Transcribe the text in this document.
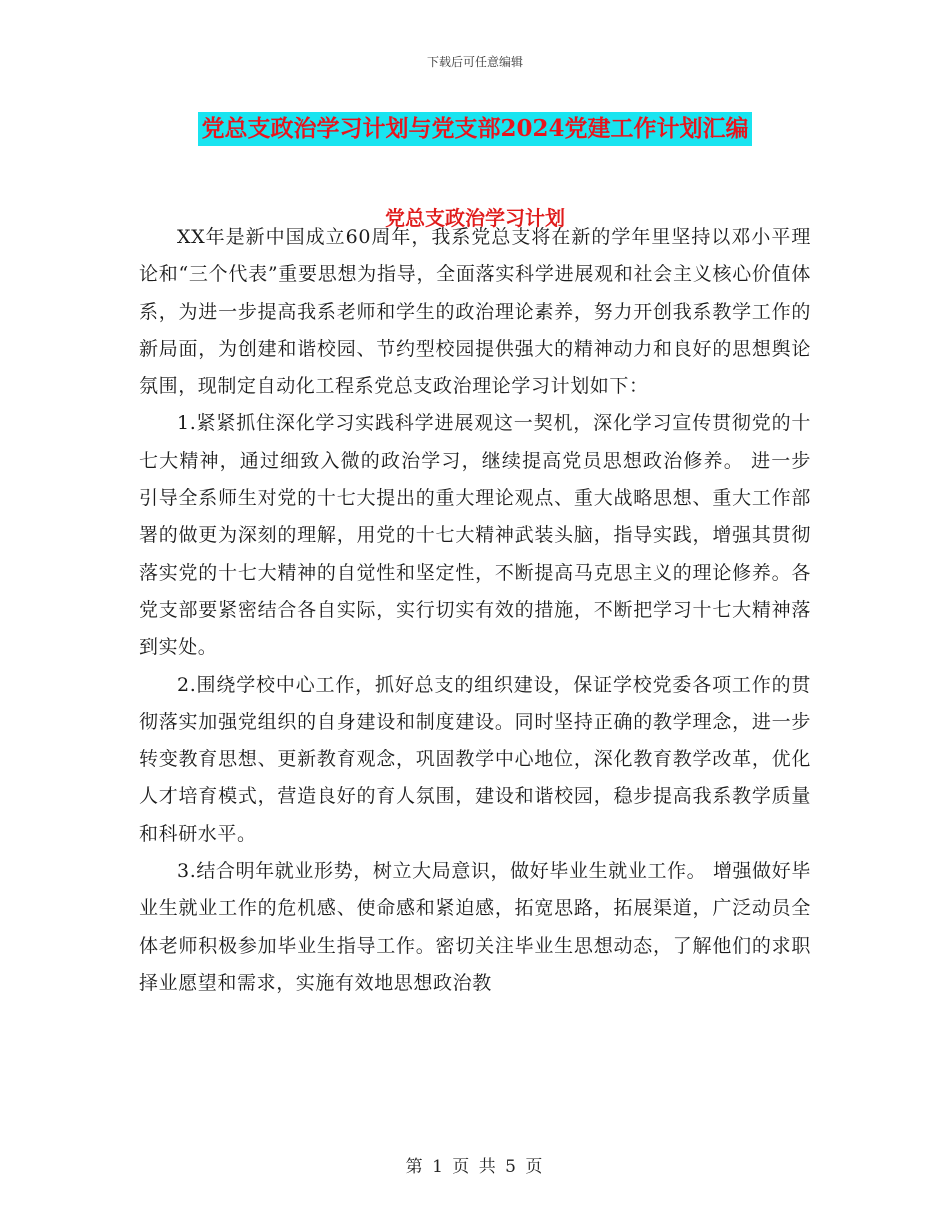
下载后可任意编辑
党总支政治学习计划与党支部2024党建工作计划汇编
党总支政治学习计划

XX年是新中国成立60周年，我系党总支将在新的学年里坚持以邓小平理论和“三个代表”重要思想为指导，全面落实科学进展观和社会主义核心价值体系，为进一步提高我系老师和学生的政治理论素养，努力开创我系教学工作的新局面，为创建和谐校园、节约型校园提供强大的精神动力和良好的思想舆论氛围，现制定自动化工程系党总支政治理论学习计划如下：

1.紧紧抓住深化学习实践科学进展观这一契机，深化学习宣传贯彻党的十七大精神，通过细致入微的政治学习，继续提高党员思想政治修养。 进一步引导全系师生对党的十七大提出的重大理论观点、重大战略思想、重大工作部署的做更为深刻的理解，用党的十七大精神武装头脑，指导实践，增强其贯彻落实党的十七大精神的自觉性和坚定性，不断提高马克思主义的理论修养。各党支部要紧密结合各自实际，实行切实有效的措施，不断把学习十七大精神落到实处。

2.围绕学校中心工作，抓好总支的组织建设，保证学校党委各项工作的贯彻落实加强党组织的自身建设和制度建设。同时坚持正确的教学理念，进一步转变教育思想、更新教育观念，巩固教学中心地位，深化教育教学改革，优化人才培育模式，营造良好的育人氛围，建设和谐校园，稳步提高我系教学质量和科研水平。

3.结合明年就业形势，树立大局意识，做好毕业生就业工作。 增强做好毕业生就业工作的危机感、使命感和紧迫感，拓宽思路，拓展渠道，广泛动员全体老师积极参加毕业生指导工作。密切关注毕业生思想动态，了解他们的求职择业愿望和需求，实施有效地思想政治教

第 1 页 共 5 页
